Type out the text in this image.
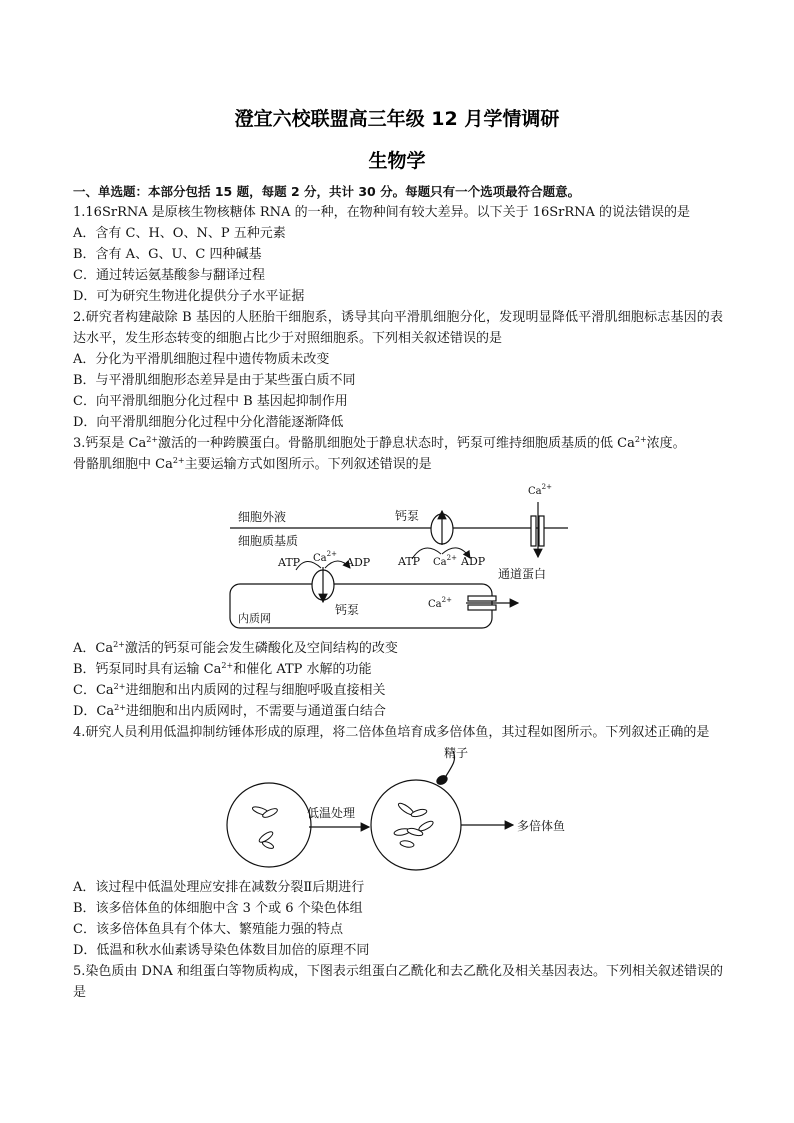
澄宜六校联盟高三年级 12 月学情调研
生物学
一、单选题：本部分包括 15 题，每题 2 分，共计 30 分。每题只有一个选项最符合题意。
1.16SrRNA 是原核生物核糖体 RNA 的一种，在物种间有较大差异。以下关于 16SrRNA 的说法错误的是
A．含有 C、H、O、N、P 五种元素
B．含有 A、G、U、C 四种碱基
C．通过转运氨基酸参与翻译过程
D．可为研究生物进化提供分子水平证据
2.研究者构建敲除 B 基因的人胚胎干细胞系，诱导其向平滑肌细胞分化，发现明显降低平滑肌细胞标志基因的表达水平，发生形态转变的细胞占比少于对照细胞系。下列相关叙述错误的是
A．分化为平滑肌细胞过程中遗传物质未改变
B．与平滑肌细胞形态差异是由于某些蛋白质不同
C．向平滑肌细胞分化过程中 B 基因起抑制作用
D．向平滑肌细胞分化过程中分化潜能逐渐降低
3.钙泵是 $Ca^{2+}$激活的一种跨膜蛋白。骨骼肌细胞处于静息状态时，钙泵可维持细胞质基质的低 $Ca^{2+}$浓度。
骨骼肌细胞中 $Ca^{2+}$主要运输方式如图所示。下列叙述错误的是
细胞外液
细胞质基质
钙泵
ATP $Ca^{2+}$ ADP
$Ca^{2+}$
通道蛋白
内质网
$Ca^{2+}$
ATP	ADP
钙泵	$Ca^{2+}$
A．$Ca^{2+}$激活的钙泵可能会发生磷酸化及空间结构的改变
B．钙泵同时具有运输 $Ca^{2+}$和催化 ATP 水解的功能
C．$Ca^{2+}$进细胞和出内质网的过程与细胞呼吸直接相关
D．$Ca^{2+}$进细胞和出内质网时，不需要与通道蛋白结合
4.研究人员利用低温抑制纺锤体形成的原理，将二倍体鱼培育成多倍体鱼，其过程如图所示。下列叙述正确的是
低温处理
精子
多倍体鱼
A．该过程中低温处理应安排在减数分裂Ⅱ后期进行
B．该多倍体鱼的体细胞中含 3 个或 6 个染色体组
C．该多倍体鱼具有个体大、繁殖能力强的特点
D．低温和秋水仙素诱导染色体数目加倍的原理不同
5.染色质由 DNA 和组蛋白等物质构成，下图表示组蛋白乙酰化和去乙酰化及相关基因表达。下列相关叙述错误的是
